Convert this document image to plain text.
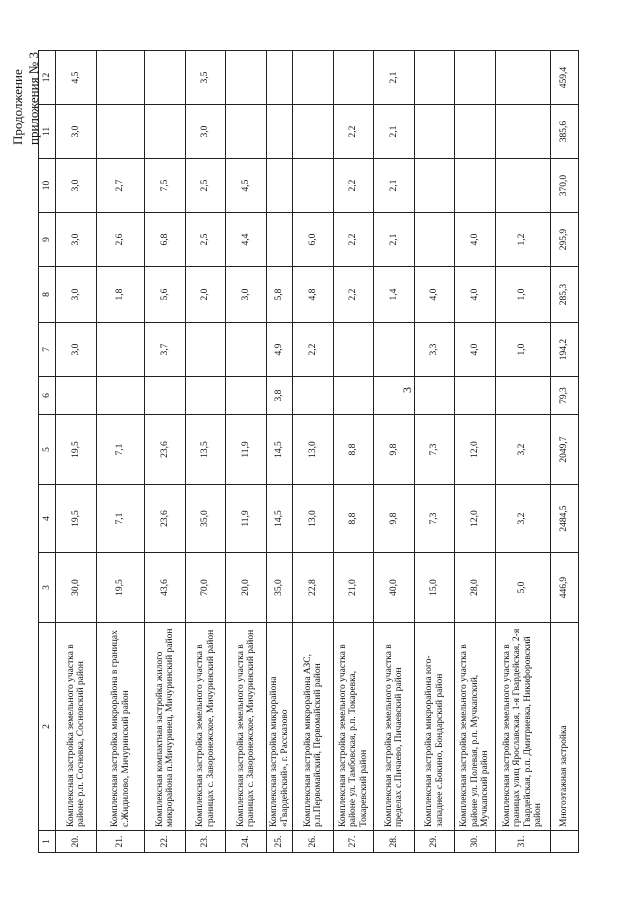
Продолжение приложения № 3
3
1	2	3	4	5	6	7	8	9	10	11	12
20.	Комплексная застройка земельного участка в районе р.п. Сосновка, Сосновский район	30,0	19,5	19,5		3,0	3,0	3,0	3,0	3,0	4,5
21.	Комплексная застройка микрорайона в границах с.Жидилово, Мичуринский район	19,5	7,1	7,1			1,8	2,6	2,7		
22.	Комплексная компактная застройка жилого микрорайона п.Мичуринец, Мичуринский район	43,6	23,6	23,6		3,7	5,6	6,8	7,5		
23.	Комплексная застройка земельного участка в границах с. Заворонежское, Мичуринский район	70,0	35,0	13,5			2,0	2,5	2,5	3,0	3,5
24.	Комплексная застройка земельного участка в границах с. Заворонежское, Мичуринский район	20,0	11,9	11,9			3,0	4,4	4,5		
25.	Комплексная застройка микрорайона «Гвардейский», г. Рассказово	35,0	14,5	14,5	3,8	4,9	5,8				
26.	Комплексная застройка микрорайона АЗС, р.п.Первомайский, Первомайский район	22,8	13,0	13,0		2,2	4,8	6,0			
27.	Комплексная застройка земельного участка в районе ул. Тамбовская, р.п. Токаревка, Токаревский район	21,0	8,8	8,8			2,2	2,2	2,2	2,2	
28.	Комплексная застройка земельного участка в пределах с.Пичаево, Пичаевский район	40,0	9,8	9,8			1,4	2,1	2,1	2,1	2,1
29.	Комплексная застройка микрорайона юго-западнее с.Бокино, Бондарский район	15,0	7,3	7,3		3,3	4,0				
30.	Комплексная застройка земельного участка в районе ул. Полевая, р.п. Мучкапский, Мучкапский район	28,0	12,0	12,0		4,0	4,0	4,0			
31.	Комплексная застройка земельного участка в границах улиц Ярославская, 1-я Гвардейская, 2-я Гвардейская, р.п. Дмитриевка, Никифоровский район	5,0	3,2	3,2		1,0	1,0	1,2			
	Многоэтажная застройка	446,9	2484,5	2049,7	79,3	194,2	285,3	295,9	370,0	385,6	459,4
